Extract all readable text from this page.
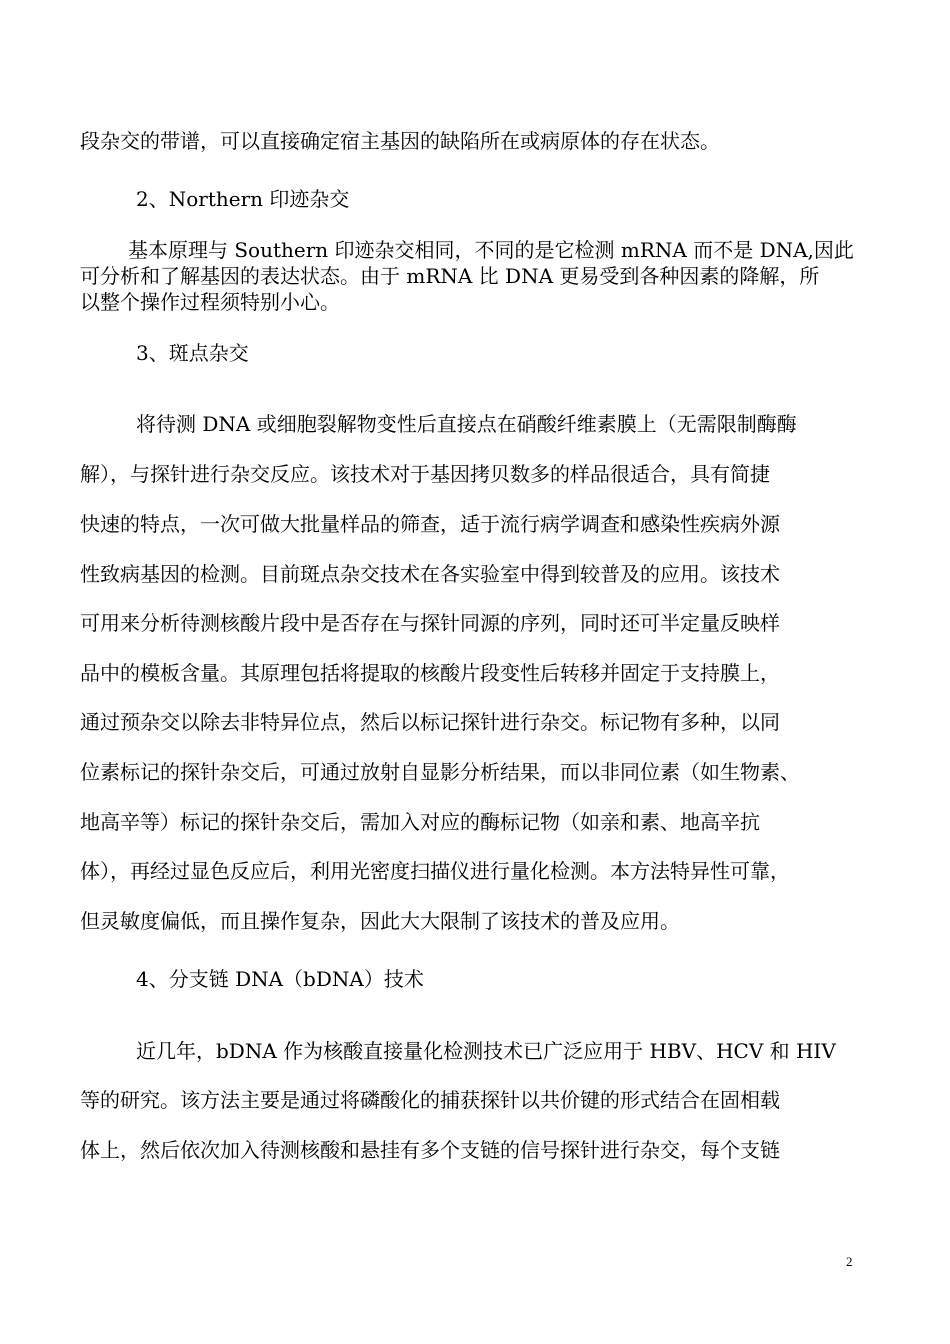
段杂交的带谱，可以直接确定宿主基因的缺陷所在或病原体的存在状态。
2、Northern 印迹杂交
基本原理与 Southern 印迹杂交相同，不同的是它检测 mRNA 而不是 DNA,因此
可分析和了解基因的表达状态。由于 mRNA 比 DNA 更易受到各种因素的降解，所
以整个操作过程须特别小心。
3、斑点杂交
将待测 DNA 或细胞裂解物变性后直接点在硝酸纤维素膜上（无需限制酶酶
解），与探针进行杂交反应。该技术对于基因拷贝数多的样品很适合，具有简捷
快速的特点，一次可做大批量样品的筛查，适于流行病学调查和感染性疾病外源
性致病基因的检测。目前斑点杂交技术在各实验室中得到较普及的应用。该技术
可用来分析待测核酸片段中是否存在与探针同源的序列，同时还可半定量反映样
品中的模板含量。其原理包括将提取的核酸片段变性后转移并固定于支持膜上，
通过预杂交以除去非特异位点，然后以标记探针进行杂交。标记物有多种，以同
位素标记的探针杂交后，可通过放射自显影分析结果，而以非同位素（如生物素、
地高辛等）标记的探针杂交后，需加入对应的酶标记物（如亲和素、地高辛抗
体），再经过显色反应后，利用光密度扫描仪进行量化检测。本方法特异性可靠，
但灵敏度偏低，而且操作复杂，因此大大限制了该技术的普及应用。
4、分支链 DNA（bDNA）技术
近几年，bDNA 作为核酸直接量化检测技术已广泛应用于 HBV、HCV 和 HIV
等的研究。该方法主要是通过将磷酸化的捕获探针以共价键的形式结合在固相载
体上，然后依次加入待测核酸和悬挂有多个支链的信号探针进行杂交，每个支链
2
